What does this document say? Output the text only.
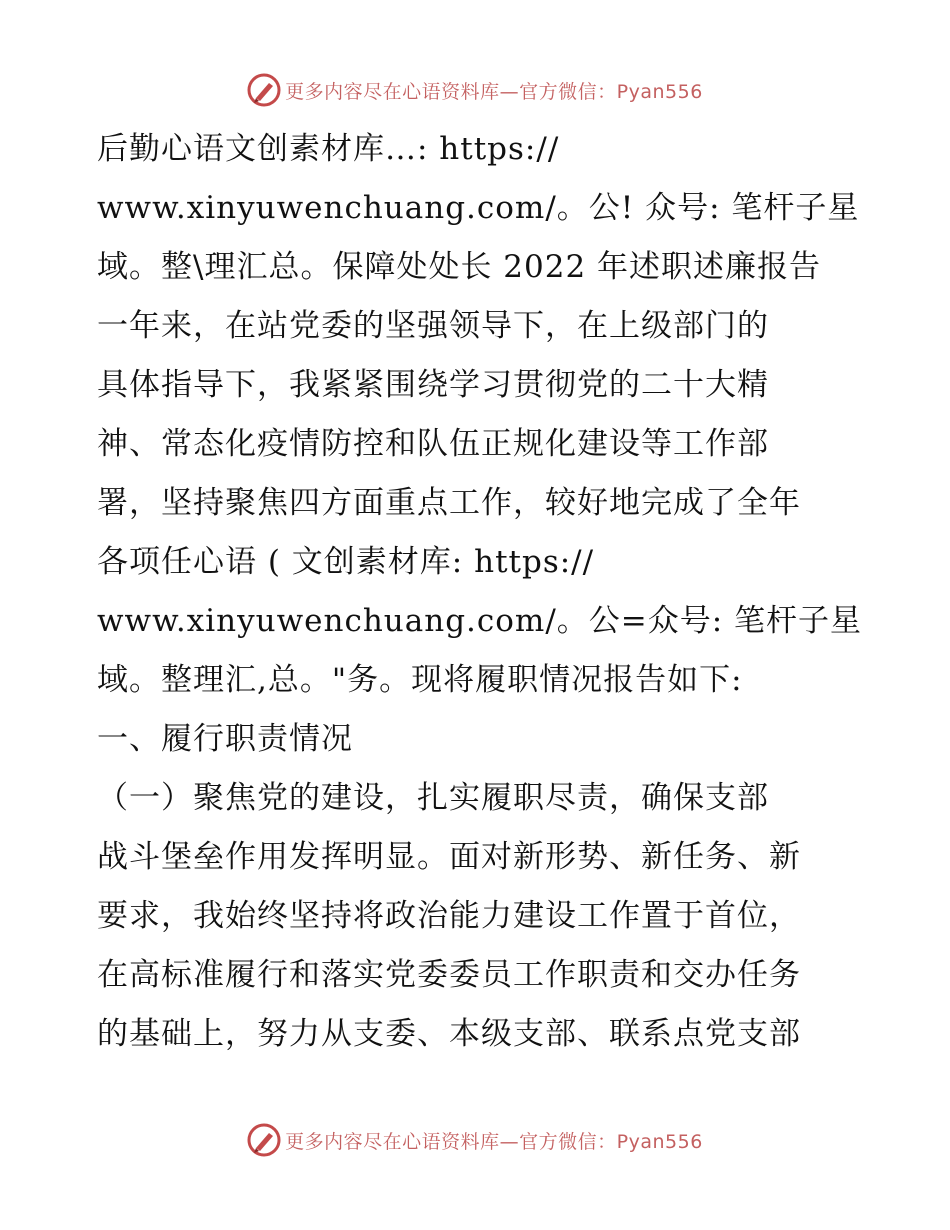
更多内容尽在心语资料库—官方微信：Pyan556

后勤心语文创素材库…: https://
www.xinyuwenchuang.com/。公! 众号: 笔杆子星
域。整\理汇总。保障处处长 2022 年述职述廉报告

一年来，在站党委的坚强领导下，在上级部门的
具体指导下，我紧紧围绕学习贯彻党的二十大精
神、常态化疫情防控和队伍正规化建设等工作部
署，坚持聚焦四方面重点工作，较好地完成了全年
各项任心语 ( 文创素材库: https://
www.xinyuwenchuang.com/。公=众号: 笔杆子星
域。整理汇,总。"务。现将履职情况报告如下:

一、履行职责情况

（一）聚焦党的建设，扎实履职尽责，确保支部
战斗堡垒作用发挥明显。面对新形势、新任务、新
要求，我始终坚持将政治能力建设工作置于首位，
在高标准履行和落实党委委员工作职责和交办任务
的基础上，努力从支委、本级支部、联系点党支部

更多内容尽在心语资料库—官方微信：Pyan556
